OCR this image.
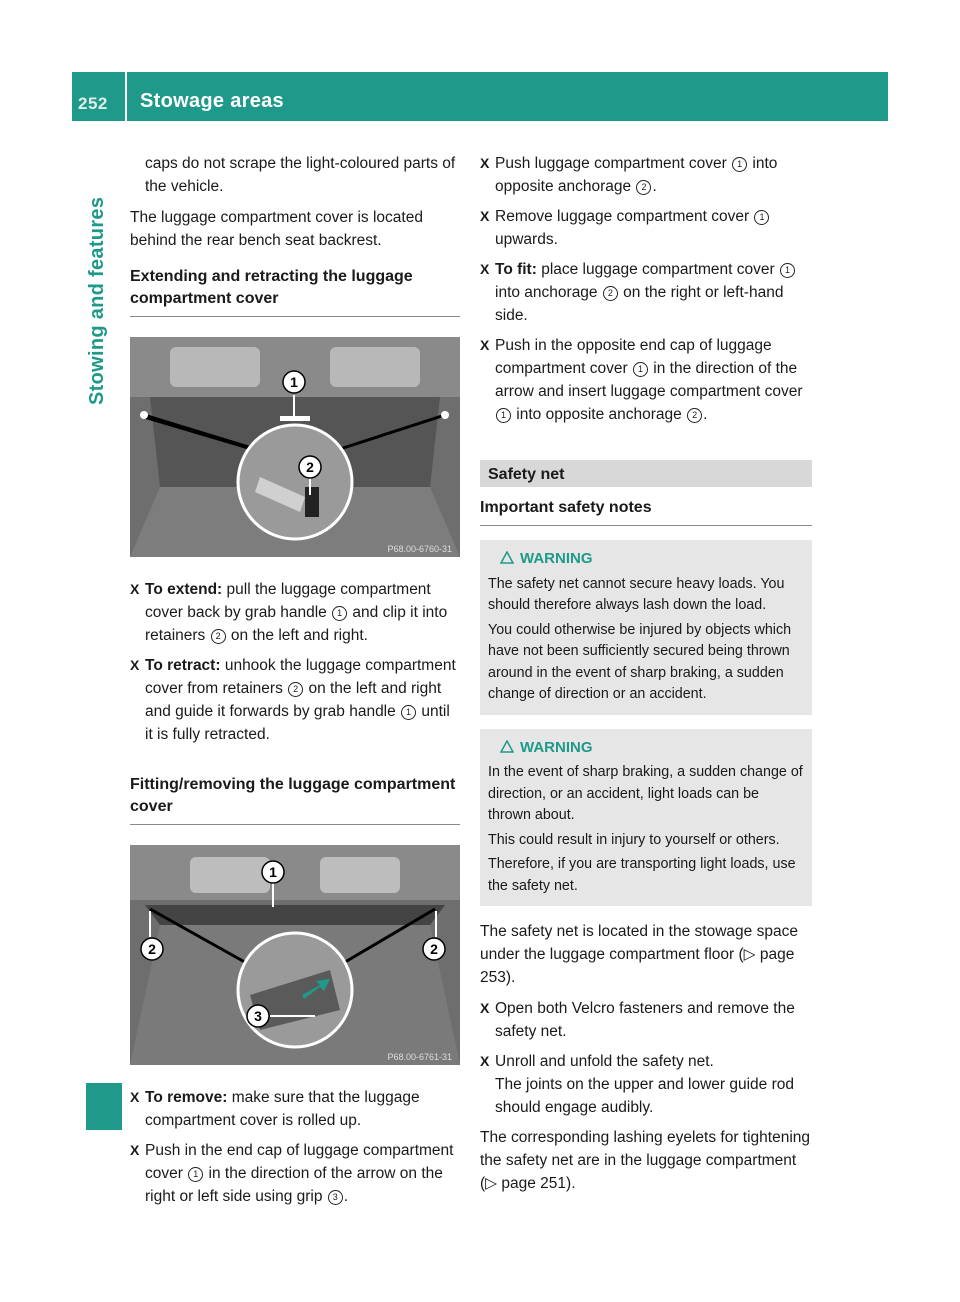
252 Stowage areas
Stowing and features

caps do not scrape the light-coloured parts of the vehicle.

The luggage compartment cover is located behind the rear bench seat backrest.

Extending and retracting the luggage compartment cover
1
2
P68.00-6760-31
X To extend: pull the luggage compartment cover back by grab handle 1 and clip it into retainers 2 on the left and right.
X To retract: unhook the luggage compartment cover from retainers 2 on the left and right and guide it forwards by grab handle 1 until it is fully retracted.
Fitting/removing the luggage compartment cover
1
2	2
3
P68.00-6761-31
X To remove: make sure that the luggage compartment cover is rolled up.
X Push in the end cap of luggage compartment cover 1 in the direction of the arrow on the right or left side using grip 3 .
X Push luggage compartment cover 1 into opposite anchorage 2 .
X Remove luggage compartment cover 1 upwards.
X To fit: place luggage compartment cover 1 into anchorage 2 on the right or left-hand side.
X Push in the opposite end cap of luggage compartment cover 1 in the direction of the arrow and insert luggage compartment cover 1 into opposite anchorage 2 .
Safety net
Important safety notes
WARNING

The safety net cannot secure heavy loads. You should therefore always lash down the load.

You could otherwise be injured by objects which have not been sufficiently secured being thrown around in the event of sharp braking, a sudden change of direction or an accident.

WARNING

In the event of sharp braking, a sudden change of direction, or an accident, light loads can be thrown about.

This could result in injury to yourself or others.

Therefore, if you are transporting light loads, use the safety net.

The safety net is located in the stowage space under the luggage compartment floor (▷ page 253).

X Open both Velcro fasteners and remove the safety net.
X Unroll and unfold the safety net.
The joints on the upper and lower guide rod should engage audibly.

The corresponding lashing eyelets for tightening the safety net are in the luggage compartment (▷ page 251).
